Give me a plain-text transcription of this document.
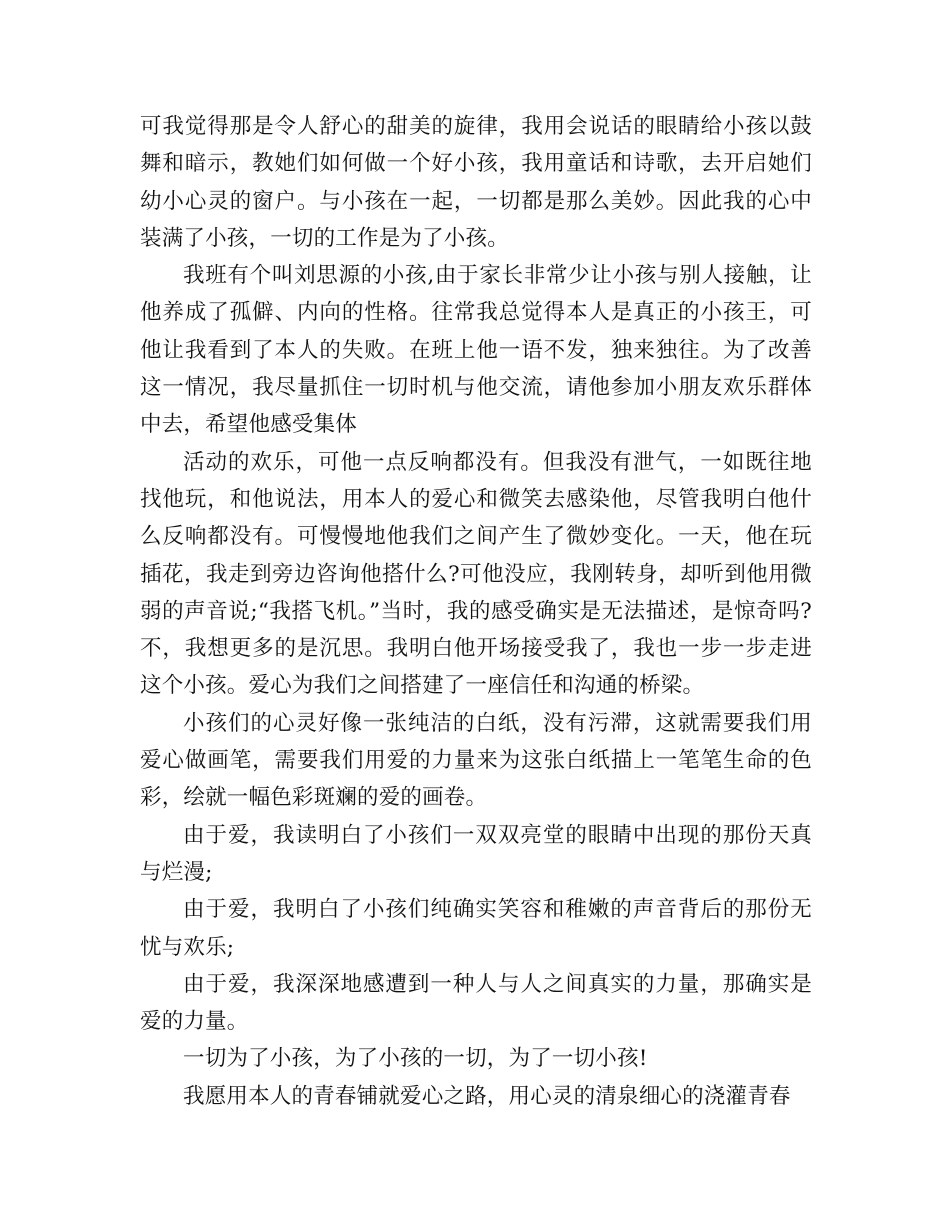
可我觉得那是令人舒心的甜美的旋律，我用会说话的眼睛给小孩以鼓舞和暗示，教她们如何做一个好小孩，我用童话和诗歌，去开启她们幼小心灵的窗户。与小孩在一起，一切都是那么美妙。因此我的心中装满了小孩，一切的工作是为了小孩。

我班有个叫刘思源的小孩,由于家长非常少让小孩与别人接触，让他养成了孤僻、内向的性格。往常我总觉得本人是真正的小孩王，可他让我看到了本人的失败。在班上他一语不发，独来独往。为了改善这一情况，我尽量抓住一切时机与他交流，请他参加小朋友欢乐群体中去，希望他感受集体

活动的欢乐，可他一点反响都没有。但我没有泄气，一如既往地找他玩，和他说法，用本人的爱心和微笑去感染他，尽管我明白他什么反响都没有。可慢慢地他我们之间产生了微妙变化。一天，他在玩插花，我走到旁边咨询他搭什么?可他没应，我刚转身，却听到他用微弱的声音说;“我搭飞机。”当时，我的感受确实是无法描述，是惊奇吗?不，我想更多的是沉思。我明白他开场接受我了，我也一步一步走进这个小孩。爱心为我们之间搭建了一座信任和沟通的桥梁。

小孩们的心灵好像一张纯洁的白纸，没有污滞，这就需要我们用爱心做画笔，需要我们用爱的力量来为这张白纸描上一笔笔生命的色彩，绘就一幅色彩斑斓的爱的画卷。

由于爱，我读明白了小孩们一双双亮堂的眼睛中出现的那份天真与烂漫;

由于爱，我明白了小孩们纯确实笑容和稚嫩的声音背后的那份无忧与欢乐;

由于爱，我深深地感遭到一种人与人之间真实的力量，那确实是爱的力量。

一切为了小孩，为了小孩的一切，为了一切小孩!

我愿用本人的青春铺就爱心之路，用心灵的清泉细心的浇灌青春
